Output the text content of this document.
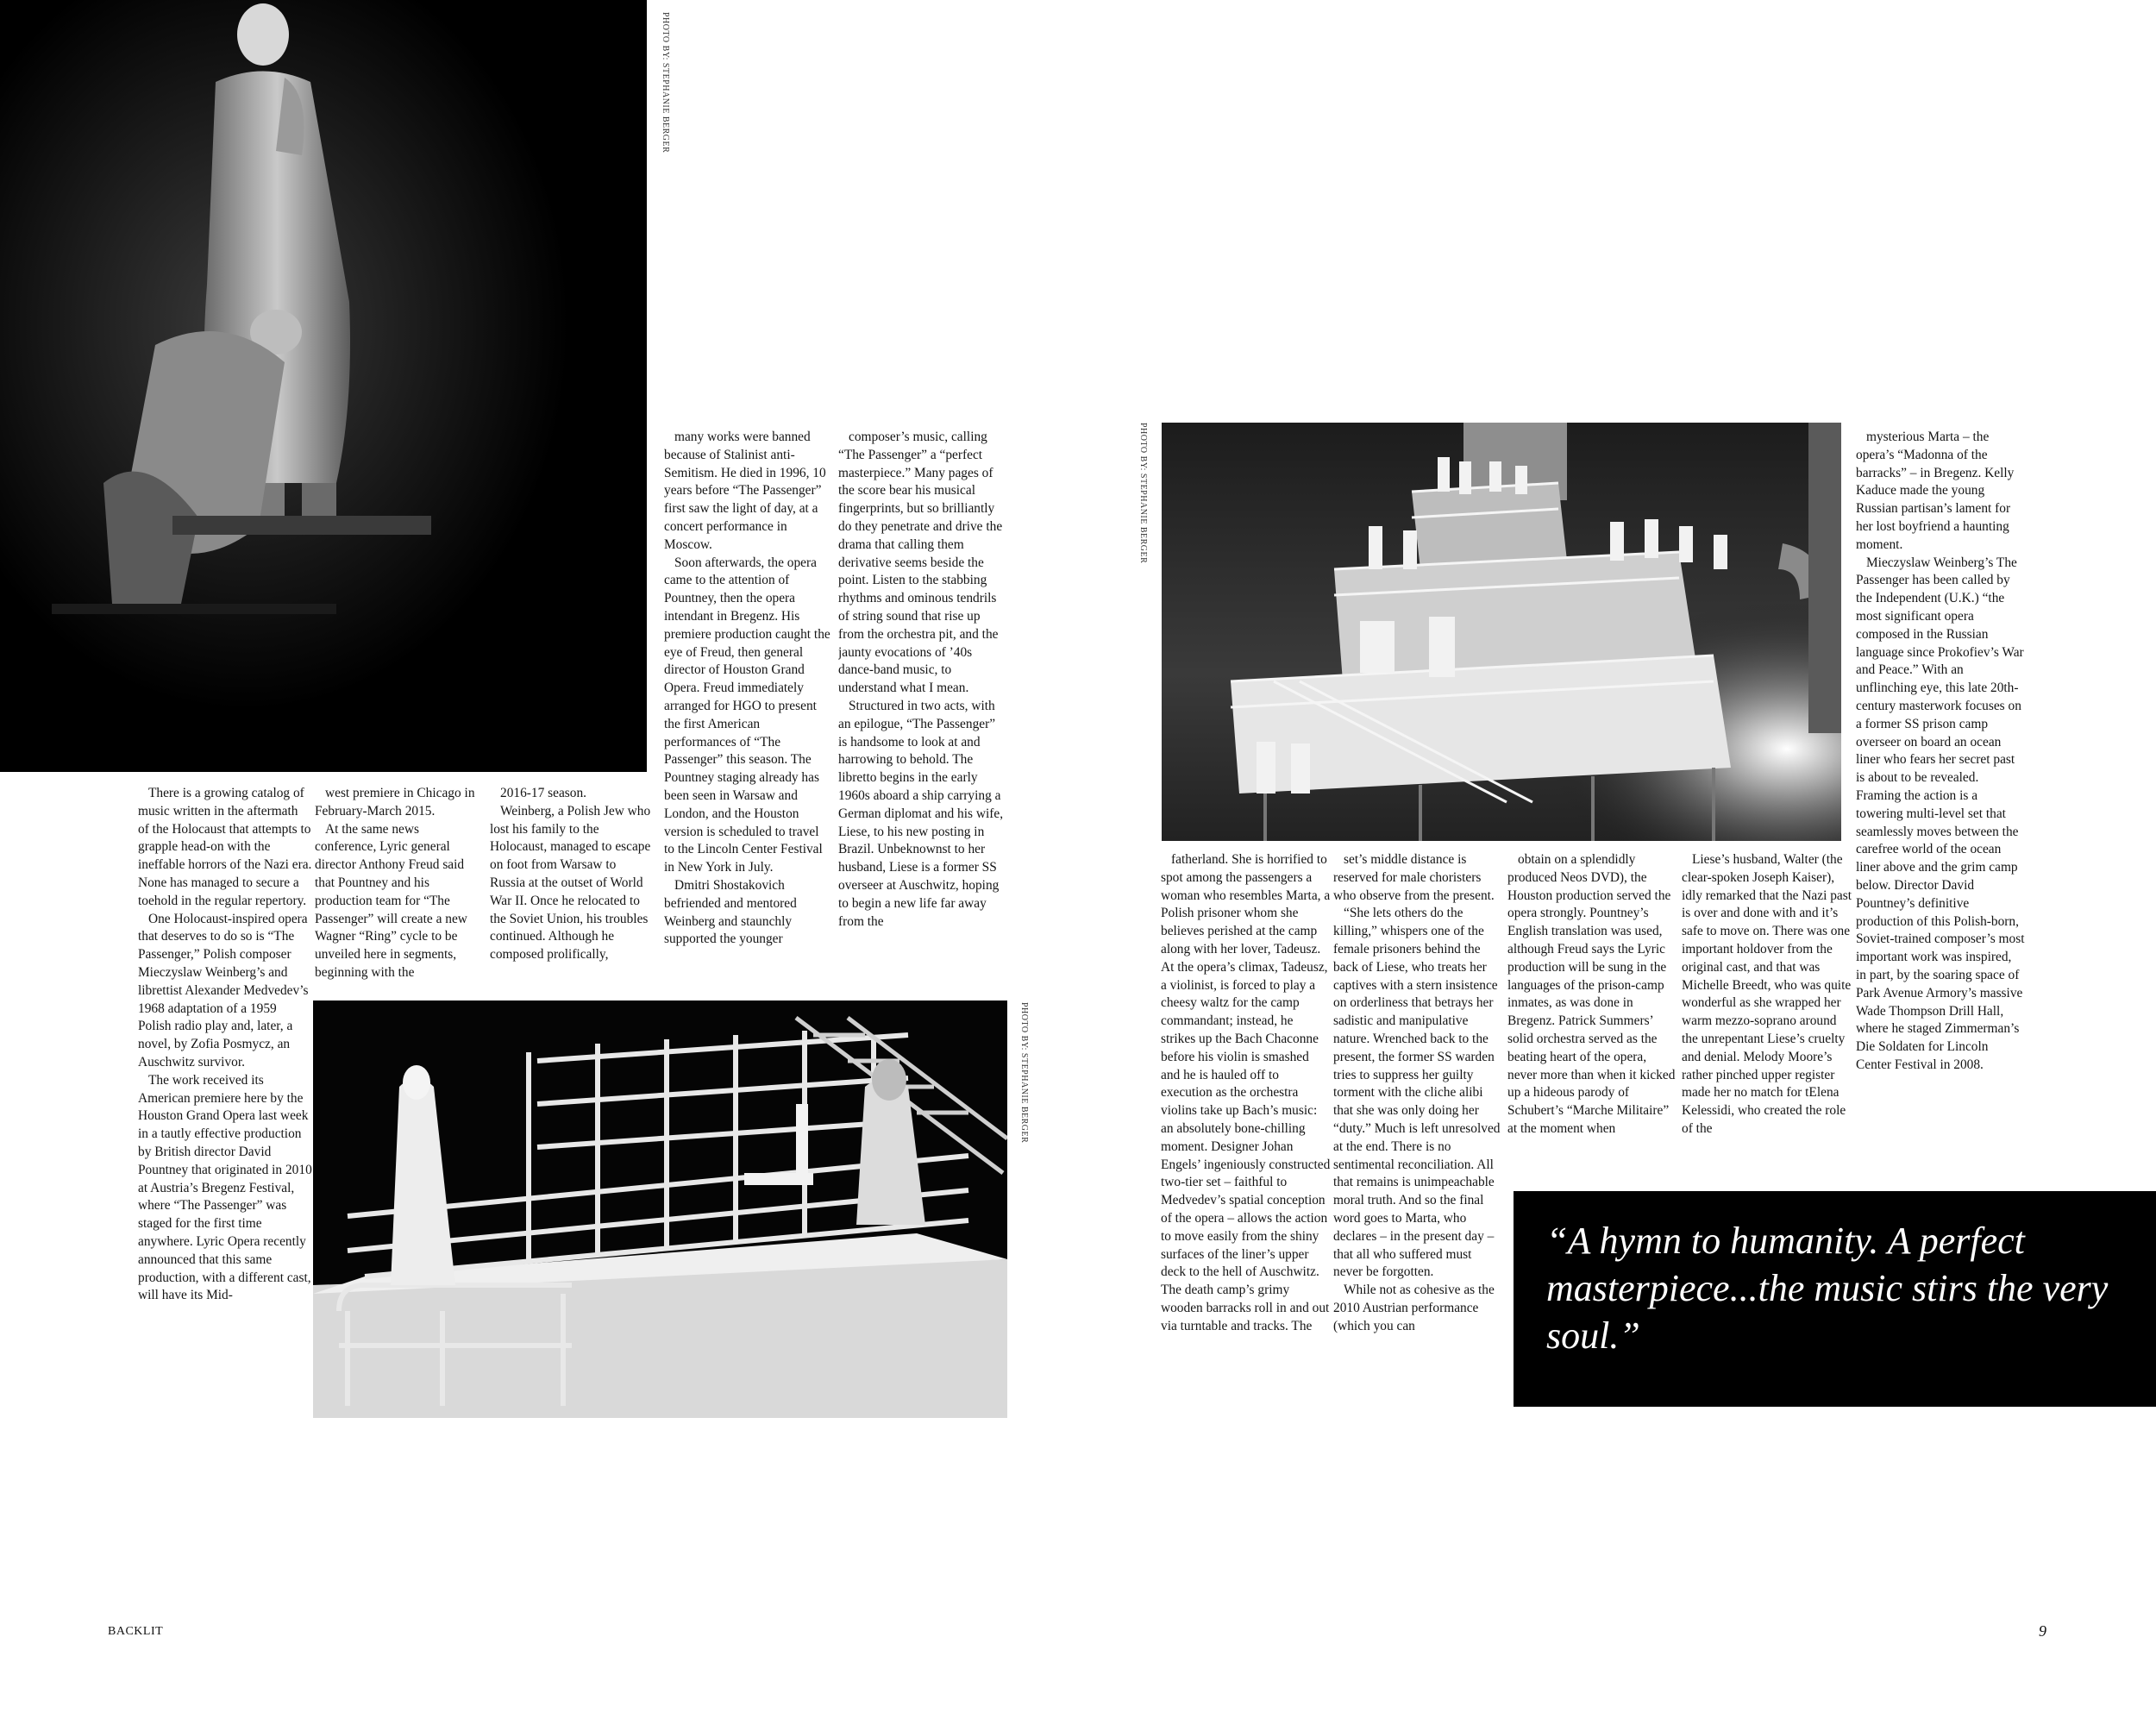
PHOTO BY: STEPHANIE BERGER
PHOTO BY: STEPHANIE BERGER
PHOTO BY: STEPHANIE BERGER

There is a growing catalog of music written in the aftermath of the Holocaust that attempts to grapple head-on with the ineffable horrors of the Nazi era. None has managed to secure a toehold in the regular repertory.

One Holocaust-inspired opera that deserves to do so is “The Passenger,” Polish composer Mieczyslaw Weinberg’s and librettist Alexander Medvedev’s 1968 adaptation of a 1959 Polish radio play and, later, a novel, by Zofia Posmycz, an Auschwitz survivor.

The work received its American premiere here by the Houston Grand Opera last week in a tautly effective production by British director David Pountney that originated in 2010 at Austria’s Bregenz Festival, where “The Passenger” was staged for the first time anywhere. Lyric Opera recently announced that this same production, with a different cast, will have its Mid-

west premiere in Chicago in February-March 2015.

At the same news conference, Lyric general director Anthony Freud said that Pountney and his production team for “The Passenger” will create a new Wagner “Ring” cycle to be unveiled here in segments, beginning with the

2016-17 season.

Weinberg, a Polish Jew who lost his family to the Holocaust, managed to escape on foot from Warsaw to Russia at the outset of World War II. Once he relocated to the Soviet Union, his troubles continued. Although he composed prolifically,

many works were banned because of Stalinist anti-Semitism. He died in 1996, 10 years before “The Passenger” first saw the light of day, at a concert performance in Moscow.

Soon afterwards, the opera came to the attention of Pountney, then the opera intendant in Bregenz. His premiere production caught the eye of Freud, then general director of Houston Grand Opera. Freud immediately arranged for HGO to present the first American performances of “The Passenger” this season. The Pountney staging already has been seen in Warsaw and London, and the Houston version is scheduled to travel to the Lincoln Center Festival in New York in July.

Dmitri Shostakovich befriended and mentored Weinberg and staunchly supported the younger

composer’s music, calling “The Passenger” a “perfect masterpiece.” Many pages of the score bear his musical fingerprints, but so brilliantly do they penetrate and drive the drama that calling them derivative seems beside the point. Listen to the stabbing rhythms and ominous tendrils of string sound that rise up from the orchestra pit, and the jaunty evocations of ’40s dance-band music, to understand what I mean.

Structured in two acts, with an epilogue, “The Passenger” is handsome to look at and harrowing to behold. The libretto begins in the early 1960s aboard a ship carrying a German diplomat and his wife, Liese, to his new posting in Brazil. Unbeknownst to her husband, Liese is a former SS overseer at Auschwitz, hoping to begin a new life far away from the

fatherland. She is horrified to spot among the passengers a woman who resembles Marta, a Polish prisoner whom she believes perished at the camp along with her lover, Tadeusz. At the opera’s climax, Tadeusz, a violinist, is forced to play a cheesy waltz for the camp commandant; instead, he strikes up the Bach Chaconne before his violin is smashed and he is hauled off to execution as the orchestra violins take up Bach’s music: an absolutely bone-chilling moment. Designer Johan Engels’ ingeniously constructed two-tier set – faithful to Medvedev’s spatial conception of the opera – allows the action to move easily from the shiny surfaces of the liner’s upper deck to the hell of Auschwitz. The death camp’s grimy wooden barracks roll in and out via turntable and tracks. The

set’s middle distance is reserved for male choristers who observe from the present.

“She lets others do the killing,” whispers one of the female prisoners behind the back of Liese, who treats her captives with a stern insistence on orderliness that betrays her sadistic and manipulative nature. Wrenched back to the present, the former SS warden tries to suppress her guilty torment with the cliche alibi that she was only doing her “duty.” Much is left unresolved at the end. There is no sentimental reconciliation. All that remains is unimpeachable moral truth. And so the final word goes to Marta, who declares – in the present day – that all who suffered must never be forgotten.

While not as cohesive as the 2010 Austrian performance (which you can

obtain on a splendidly produced Neos DVD), the Houston production served the opera strongly. Pountney’s English translation was used, although Freud says the Lyric production will be sung in the languages of the prison-camp inmates, as was done in Bregenz. Patrick Summers’ solid orchestra served as the beating heart of the opera, never more than when it kicked up a hideous parody of Schubert’s “Marche Militaire” at the moment when

Liese’s husband, Walter (the clear-spoken Joseph Kaiser), idly remarked that the Nazi past is over and done with and it’s safe to move on. There was one important holdover from the original cast, and that was Michelle Breedt, who was quite wonderful as she wrapped her warm mezzo-soprano around the unrepentant Liese’s cruelty and denial. Melody Moore’s rather pinched upper register made her no match for tElena Kelessidi, who created the role of the

mysterious Marta – the opera’s “Madonna of the barracks” – in Bregenz. Kelly Kaduce made the young Russian partisan’s lament for her lost boyfriend a haunting moment.

Mieczyslaw Weinberg’s The Passenger has been called by the Independent (U.K.) “the most significant opera composed in the Russian language since Prokofiev’s War and Peace.” With an unflinching eye, this late 20th-century masterwork focuses on a former SS prison camp overseer on board an ocean liner who fears her secret past is about to be revealed. Framing the action is a towering multi-level set that seamlessly moves between the carefree world of the ocean liner above and the grim camp below. Director David Pountney’s definitive production of this Polish-born, Soviet-trained composer’s most important work was inspired, in part, by the soaring space of Park Avenue Armory’s massive Wade Thompson Drill Hall, where he staged Zimmerman’s Die Soldaten for Lincoln Center Festival in 2008.

“A hymn to humanity. A perfect masterpiece...the music stirs the very soul.”
BACKLIT	9
